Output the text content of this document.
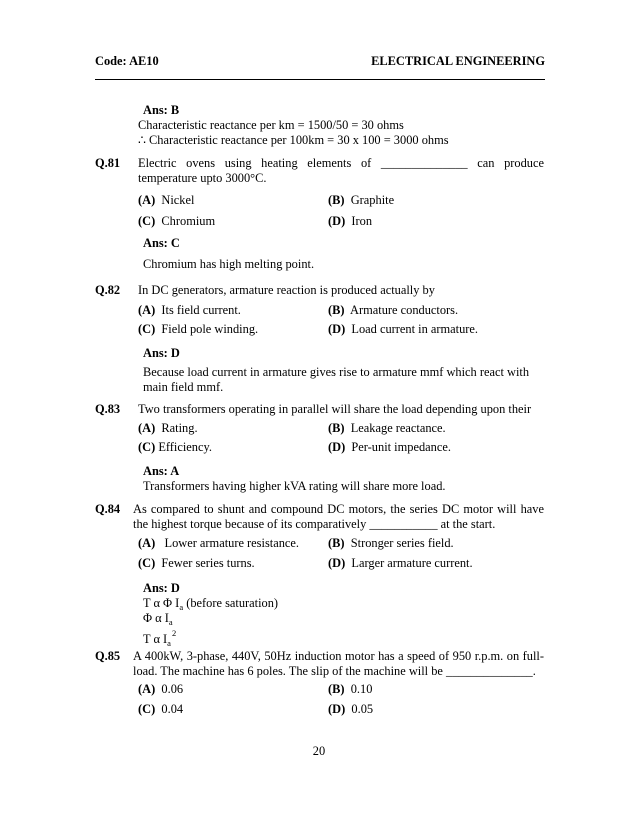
Code: AE10	ELECTRICAL ENGINEERING
Ans: B
Characteristic reactance per km = 1500/50 = 30 ohms
∴ Characteristic reactance per 100km = 30 x 100 = 3000 ohms
Q.81 Electric ovens using heating elements of ______________ can produce temperature upto 3000°C.
(A) Nickel	(B) Graphite
(C) Chromium	(D) Iron
Ans: C
Chromium has high melting point.
Q.82 In DC generators, armature reaction is produced actually by
(A) Its field current.	(B) Armature conductors.
(C) Field pole winding.	(D) Load current in armature.
Ans: D
Because load current in armature gives rise to armature mmf which react with
main field mmf.
Q.83 Two transformers operating in parallel will share the load depending upon their
(A) Rating.	(B) Leakage reactance.
(C) Efficiency.	(D) Per-unit impedance.
Ans: A
Transformers having higher kVA rating will share more load.
Q.84 As compared to shunt and compound DC motors, the series DC motor will have the highest torque because of its comparatively ___________ at the start.
(A) Lower armature resistance. (B) Stronger series field.
(C) Fewer series turns.	(D) Larger armature current.
Ans: D
T α Φ $I_a$ (before saturation)
Φ α $I_a$
T α $I_a^2$
Q.85 A 400kW, 3-phase, 440V, 50Hz induction motor has a speed of 950 r.p.m. on full-load. The machine has 6 poles. The slip of the machine will be ______________.
(A) 0.06	(B) 0.10
(C) 0.04	(D) 0.05
20
